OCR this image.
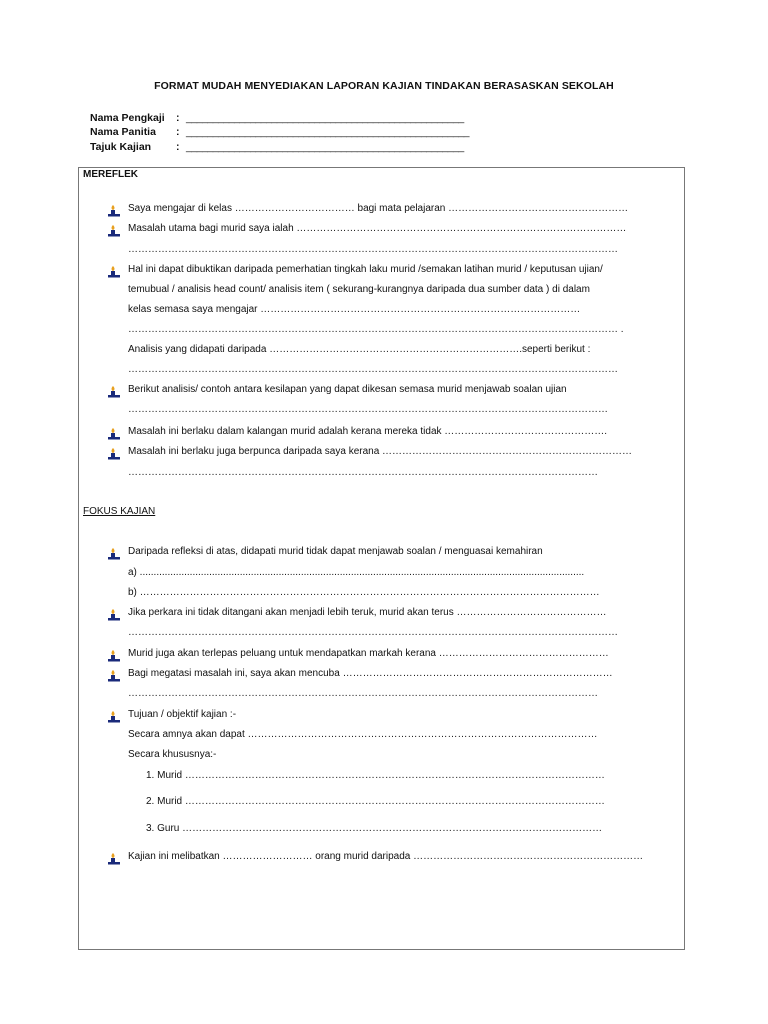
FORMAT MUDAH MENYEDIAKAN LAPORAN KAJIAN TINDAKAN BERASASKAN SEKOLAH
Nama Pengkaji : ____________________________________________________
Nama Panitia : _____________________________________________________
Tajuk Kajian : ____________________________________________________
MEREFLEK
Saya mengajar di kelas ……………………………… bagi mata pelajaran ………………………………………………
Masalah utama bagi murid saya ialah ………………………………………………………………………………………
…………………………………………………………………………………………………………………………………
Hal ini dapat dibuktikan daripada pemerhatian tingkah laku murid /semakan latihan murid / keputusan ujian/
temubual / analisis head count/ analisis item ( sekurang-kurangnya daripada dua sumber data ) di dalam
kelas semasa saya mengajar ……………………………………………………………………………………
………………………………………………………………………………………………………………………………… .
Analisis yang didapati daripada ………………………………………………………………….seperti berikut :
…………………………………………………………………………………………………………………………………
Berikut analisis/ contoh antara kesilapan yang dapat dikesan semasa murid menjawab soalan ujian
………………………………………………………………………………………………………………………………
Masalah ini berlaku dalam kalangan murid adalah kerana mereka tidak ………………………………………….
Masalah ini berlaku juga berpunca daripada saya kerana …………………………………………………………………
……………………………………………………………………………………………………………………………
FOKUS KAJIAN
Daripada refleksi di atas, didapati murid tidak dapat menjawab soalan / menguasai kemahiran
a) ................................................................................................................................................................
b) …………………………………………………………………………………………………………………………
Jika perkara ini tidak ditangani akan menjadi lebih teruk, murid akan terus ………………………………………
…………………………………………………………………………………………………………………………………
Murid juga akan terlepas peluang untuk mendapatkan markah kerana ……………………………………………
Bagi megatasi masalah ini, saya akan mencuba ………………………………………………………………………
……………………………………………………………………………………………………………………………
Tujuan / objektif kajian :-
Secara amnya akan dapat ……………………………………………………………………………………………
Secara khususnya:-
1. Murid ………………………………………………………………………………………………………………
2. Murid ………………………………………………………………………………………………………………
3. Guru ………………………………………………………………………………………………………………
Kajian ini melibatkan ……………………… orang murid daripada ……………………………………………………………
